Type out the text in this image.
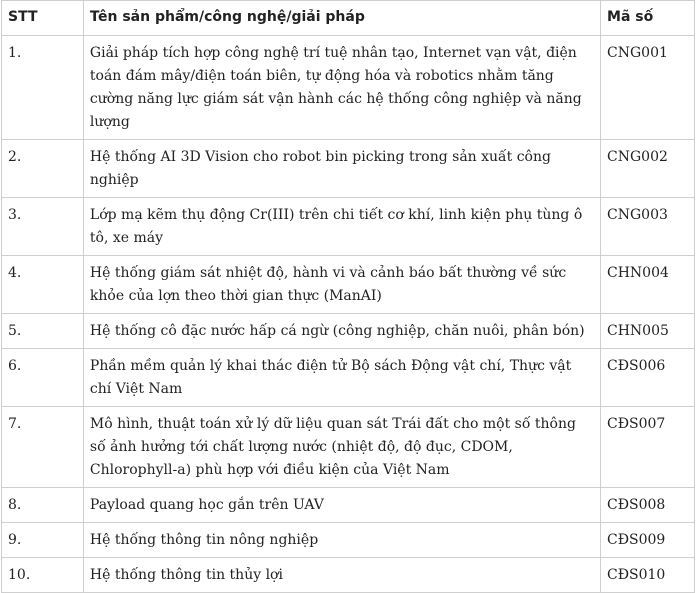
STT	Tên sản phẩm/công nghệ/giải pháp	Mã số
1.	Giải pháp tích hợp công nghệ trí tuệ nhân tạo, Internet vạn vật, điện toán đám mây/điện toán biên, tự động hóa và robotics nhằm tăng cường năng lực giám sát vận hành các hệ thống công nghiệp và năng lượng	CNG001
2.	Hệ thống AI 3D Vision cho robot bin picking trong sản xuất công nghiệp	CNG002
3.	Lớp mạ kẽm thụ động Cr(III) trên chi tiết cơ khí, linh kiện phụ tùng ô tô, xe máy	CNG003
4.	Hệ thống giám sát nhiệt độ, hành vi và cảnh báo bất thường về sức khỏe của lợn theo thời gian thực (ManAI)	CHN004
5.	Hệ thống cô đặc nước hấp cá ngừ (công nghiệp, chăn nuôi, phân bón)	CHN005
6.	Phần mềm quản lý khai thác điện tử Bộ sách Động vật chí, Thực vật chí Việt Nam	CĐS006
7.	Mô hình, thuật toán xử lý dữ liệu quan sát Trái đất cho một số thông số ảnh hưởng tới chất lượng nước (nhiệt độ, độ đục, CDOM, Chlorophyll-a) phù hợp với điều kiện của Việt Nam	CĐS007
8.	Payload quang học gắn trên UAV	CĐS008
9.	Hệ thống thông tin nông nghiệp	CĐS009
10.	Hệ thống thông tin thủy lợi	CĐS010
